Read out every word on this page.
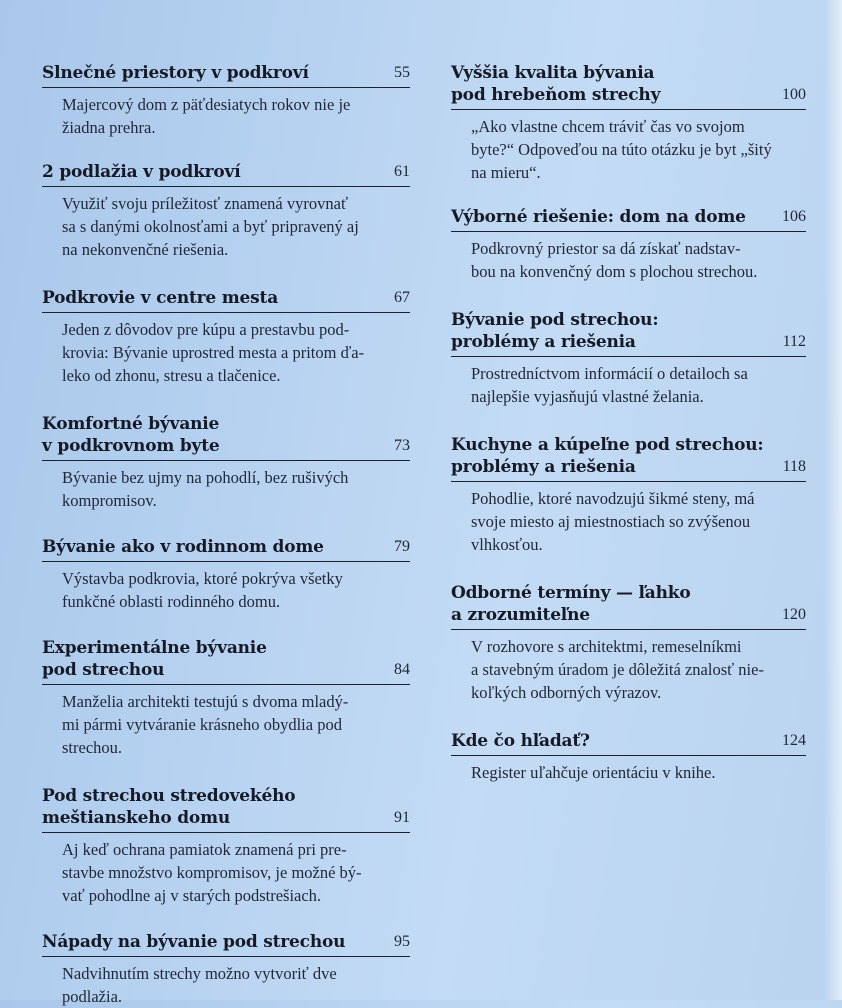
Slnečné priestory v podkroví	55
Majercový dom z päťdesiatych rokov nie je
žiadna prehra.
2 podlažia v podkroví	61
Využiť svoju príležitosť znamená vyrovnať
sa s danými okolnosťami a byť pripravený aj
na nekonvenčné riešenia.
Podkrovie v centre mesta	67
Jeden z dôvodov pre kúpu a prestavbu pod-
krovia: Bývanie uprostred mesta a pritom ďa-
leko od zhonu, stresu a tlačenice.
Komfortné bývanie
v podkrovnom byte	73
Bývanie bez ujmy na pohodlí, bez rušivých
kompromisov.
Bývanie ako v rodinnom dome	79
Výstavba podkrovia, ktoré pokrýva všetky
funkčné oblasti rodinného domu.
Experimentálne bývanie
pod strechou	84
Manželia architekti testujú s dvoma mladý-
mi pármi vytváranie krásneho obydlia pod
strechou.
Pod strechou stredovekého
meštianskeho domu	91
Aj keď ochrana pamiatok znamená pri pre-
stavbe množstvo kompromisov, je možné bý-
vať pohodlne aj v starých podstrešiach.
Nápady na bývanie pod strechou	95
Nadvihnutím strechy možno vytvoriť dve
podlažia.
Vyššia kvalita bývania
pod hrebeňom strechy	100
„Ako vlastne chcem tráviť čas vo svojom
byte?“ Odpoveďou na túto otázku je byt „šitý
na mieru“.
Výborné riešenie: dom na dome	106
Podkrovný priestor sa dá získať nadstav-
bou na konvenčný dom s plochou strechou.
Bývanie pod strechou:
problémy a riešenia	112
Prostredníctvom informácií o detailoch sa
najlepšie vyjasňujú vlastné želania.
Kuchyne a kúpeľne pod strechou:
problémy a riešenia	118
Pohodlie, ktoré navodzujú šikmé steny, má
svoje miesto aj miestnostiach so zvýšenou
vlhkosťou.
Odborné termíny — ľahko
a zrozumiteľne	120
V rozhovore s architektmi, remeselníkmi
a stavebným úradom je dôležitá znalosť nie-
koľkých odborných výrazov.
Kde čo hľadať?	124
Register uľahčuje orientáciu v knihe.
